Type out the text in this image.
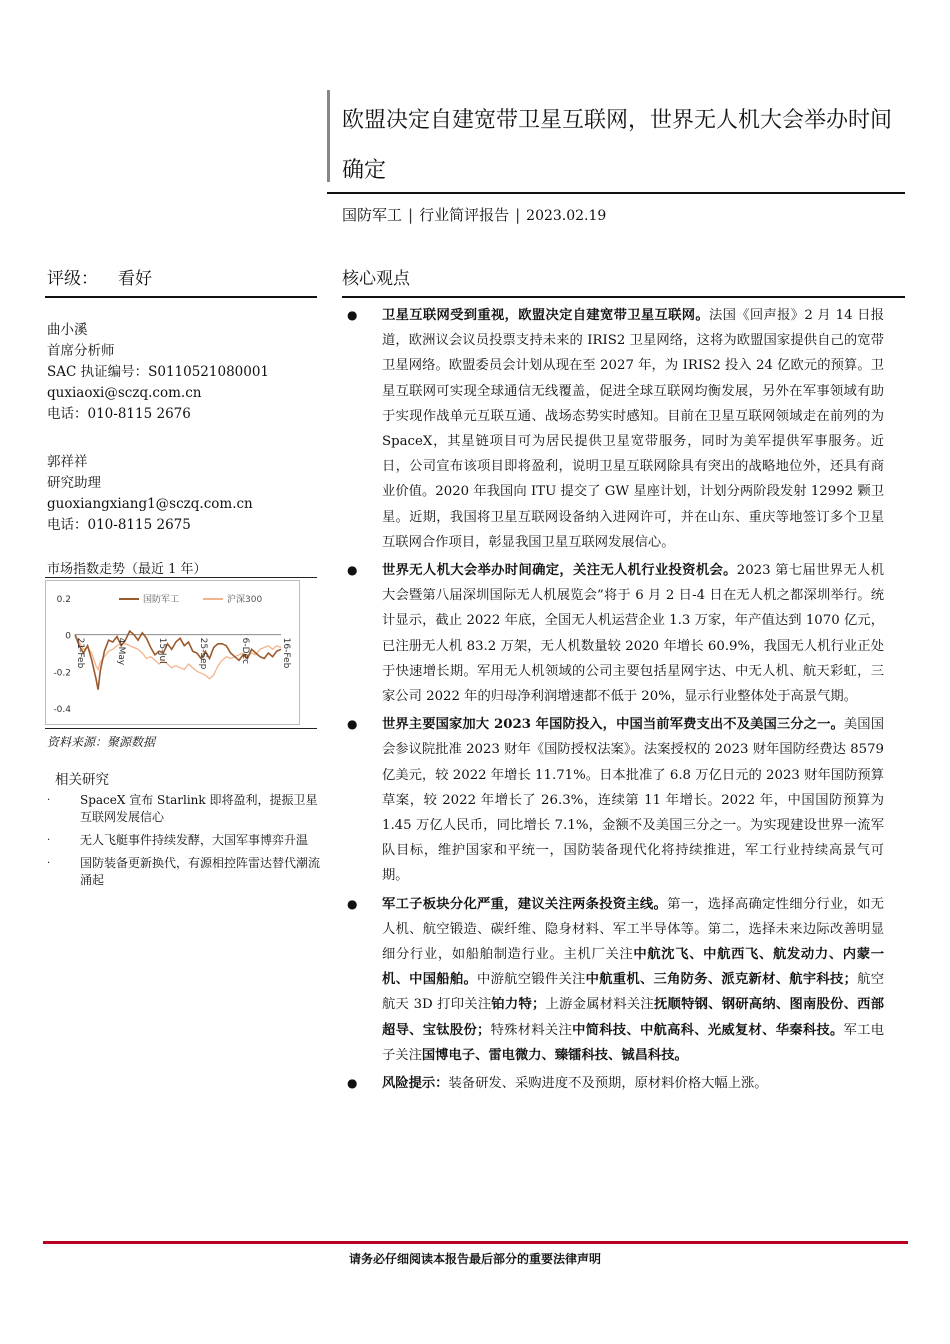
欧盟决定自建宽带卫星互联网，世界无人机大会举办时间确定
国防军工 | 行业简评报告 | 2023.02.19
评级： 看好
曲小溪
首席分析师
SAC 执证编号：S0110521080001
quxiaoxi@sczq.com.cn
电话：010-8115 2676
郭祥祥
研究助理
guoxiangxiang1@sczq.com.cn
电话：010-8115 2675
市场指数走势（最近 1 年）
0.2
0
-0.2
-0.4
21-Feb	4-May	15-Jul	25-Sep	6-Dec	16-Feb
国防军工	沪深300
资料来源：聚源数据
相关研究
· SpaceX 宣布 Starlink 即将盈利，提振卫星互联网发展信心
· 无人飞艇事件持续发酵，大国军事博弈升温
· 国防装备更新换代，有源相控阵雷达替代潮流涌起
核心观点
● 卫星互联网受到重视，欧盟决定自建宽带卫星互联网。法国《回声报》2 月 14 日报道，欧洲议会议员投票支持未来的 IRIS2 卫星网络，这将为欧盟国家提供自己的宽带卫星网络。欧盟委员会计划从现在至 2027 年，为 IRIS2 投入 24 亿欧元的预算。卫星互联网可实现全球通信无线覆盖，促进全球互联网均衡发展，另外在军事领域有助于实现作战单元互联互通、战场态势实时感知。目前在卫星互联网领域走在前列的为 SpaceX，其星链项目可为居民提供卫星宽带服务，同时为美军提供军事服务。近日，公司宣布该项目即将盈利，说明卫星互联网除具有突出的战略地位外，还具有商业价值。2020 年我国向 ITU 提交了 GW 星座计划，计划分两阶段发射 12992 颗卫星。近期，我国将卫星互联网设备纳入进网许可，并在山东、重庆等地签订多个卫星互联网合作项目，彰显我国卫星互联网发展信心。
● 世界无人机大会举办时间确定，关注无人机行业投资机会。2023 第七届世界无人机大会暨第八届深圳国际无人机展览会”将于 6 月 2 日-4 日在无人机之都深圳举行。统计显示，截止 2022 年底，全国无人机运营企业 1.3 万家，年产值达到 1070 亿元，已注册无人机 83.2 万架，无人机数量较 2020 年增长 60.9%，我国无人机行业正处于快速增长期。军用无人机领域的公司主要包括星网宇达、中无人机、航天彩虹，三家公司 2022 年的归母净利润增速都不低于 20%，显示行业整体处于高景气期。
● 世界主要国家加大 2023 年国防投入，中国当前军费支出不及美国三分之一。美国国会参议院批准 2023 财年《国防授权法案》。法案授权的 2023 财年国防经费达 8579 亿美元，较 2022 年增长 11.71%。日本批准了 6.8 万亿日元的 2023 财年国防预算草案，较 2022 年增长了 26.3%，连续第 11 年增长。2022 年，中国国防预算为 1.45 万亿人民币，同比增长 7.1%，金额不及美国三分之一。为实现建设世界一流军队目标，维护国家和平统一，国防装备现代化将持续推进，军工行业持续高景气可期。
● 军工子板块分化严重，建议关注两条投资主线。第一，选择高确定性细分行业，如无人机、航空锻造、碳纤维、隐身材料、军工半导体等。第二，选择未来边际改善明显细分行业，如船舶制造行业。主机厂关注中航沈飞、中航西飞、航发动力、内蒙一机、中国船舶。中游航空锻件关注中航重机、三角防务、派克新材、航宇科技；航空航天 3D 打印关注铂力特；上游金属材料关注抚顺特钢、钢研高纳、图南股份、西部超导、宝钛股份；特殊材料关注中简科技、中航高科、光威复材、华秦科技。军工电子关注国博电子、雷电微力、臻镭科技、铖昌科技。
● 风险提示：装备研发、采购进度不及预期，原材料价格大幅上涨。
请务必仔细阅读本报告最后部分的重要法律声明
